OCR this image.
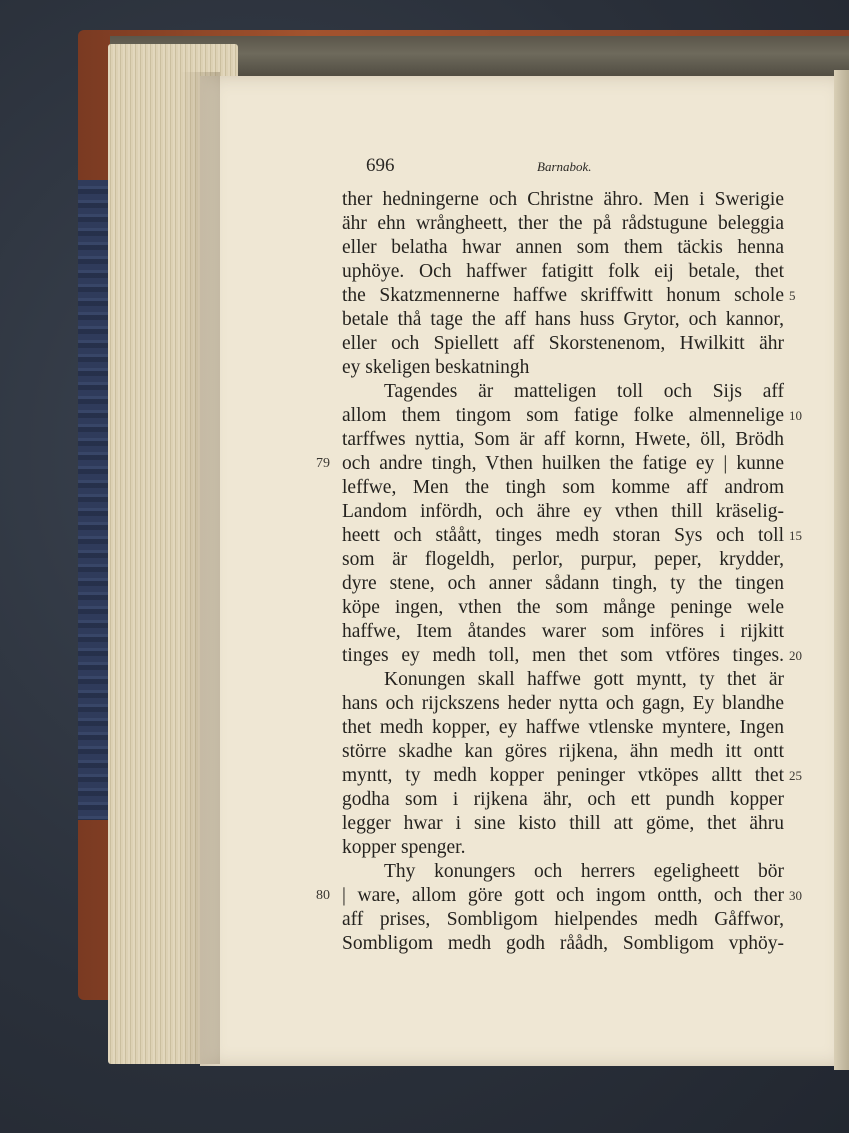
696	Barnabok.
ther hedningerne och Christne ähro. Men i Swerigie
ähr ehn wrångheett, ther the på rådstugune beleggia
eller belatha hwar annen som them täckis henna
uphöye. Och haffwer fatigitt folk eij betale, thet
the Skatzmennerne haffwe skriffwitt honum schole
betale thå tage the aff hans huss Grytor, och kannor,
eller och Spiellett aff Skorstenenom, Hwilkitt ähr
ey skeligen beskatningh
Tagendes är matteligen toll och Sijs aff
allom them tingom som fatige folke almennelige
tarffwes nyttia, Som är aff kornn, Hwete, öll, Brödh
och andre tingh, Vthen huilken the fatige ey | kunne
leffwe, Men the tingh som komme aff androm
Landom infördh, och ähre ey vthen thill kräselig-
heett och ståått, tinges medh storan Sys och toll
som är flogeldh, perlor, purpur, peper, krydder,
dyre stene, och anner sådann tingh, ty the tingen
köpe ingen, vthen the som månge peninge wele
haffwe, Item åtandes warer som införes i rijkitt
tinges ey medh toll, men thet som vtföres tinges.
Konungen skall haffwe gott myntt, ty thet är
hans och rijckszens heder nytta och gagn, Ey blandhe
thet medh kopper, ey haffwe vtlenske myntere, Ingen
större skadhe kan göres rijkena, ähn medh itt ontt
myntt, ty medh kopper peninger vtköpes alltt thet
godha som i rijkena ähr, och ett pundh kopper
legger hwar i sine kisto thill att göme, thet ähru
kopper spenger.
Thy konungers och herrers egeligheett bör
| ware, allom göre gott och ingom ontth, och ther
aff prises, Sombligom hielpendes medh Gåffwor,
Sombligom medh godh råådh, Sombligom vphöy-
5
10
15
20
25
30
79
80
